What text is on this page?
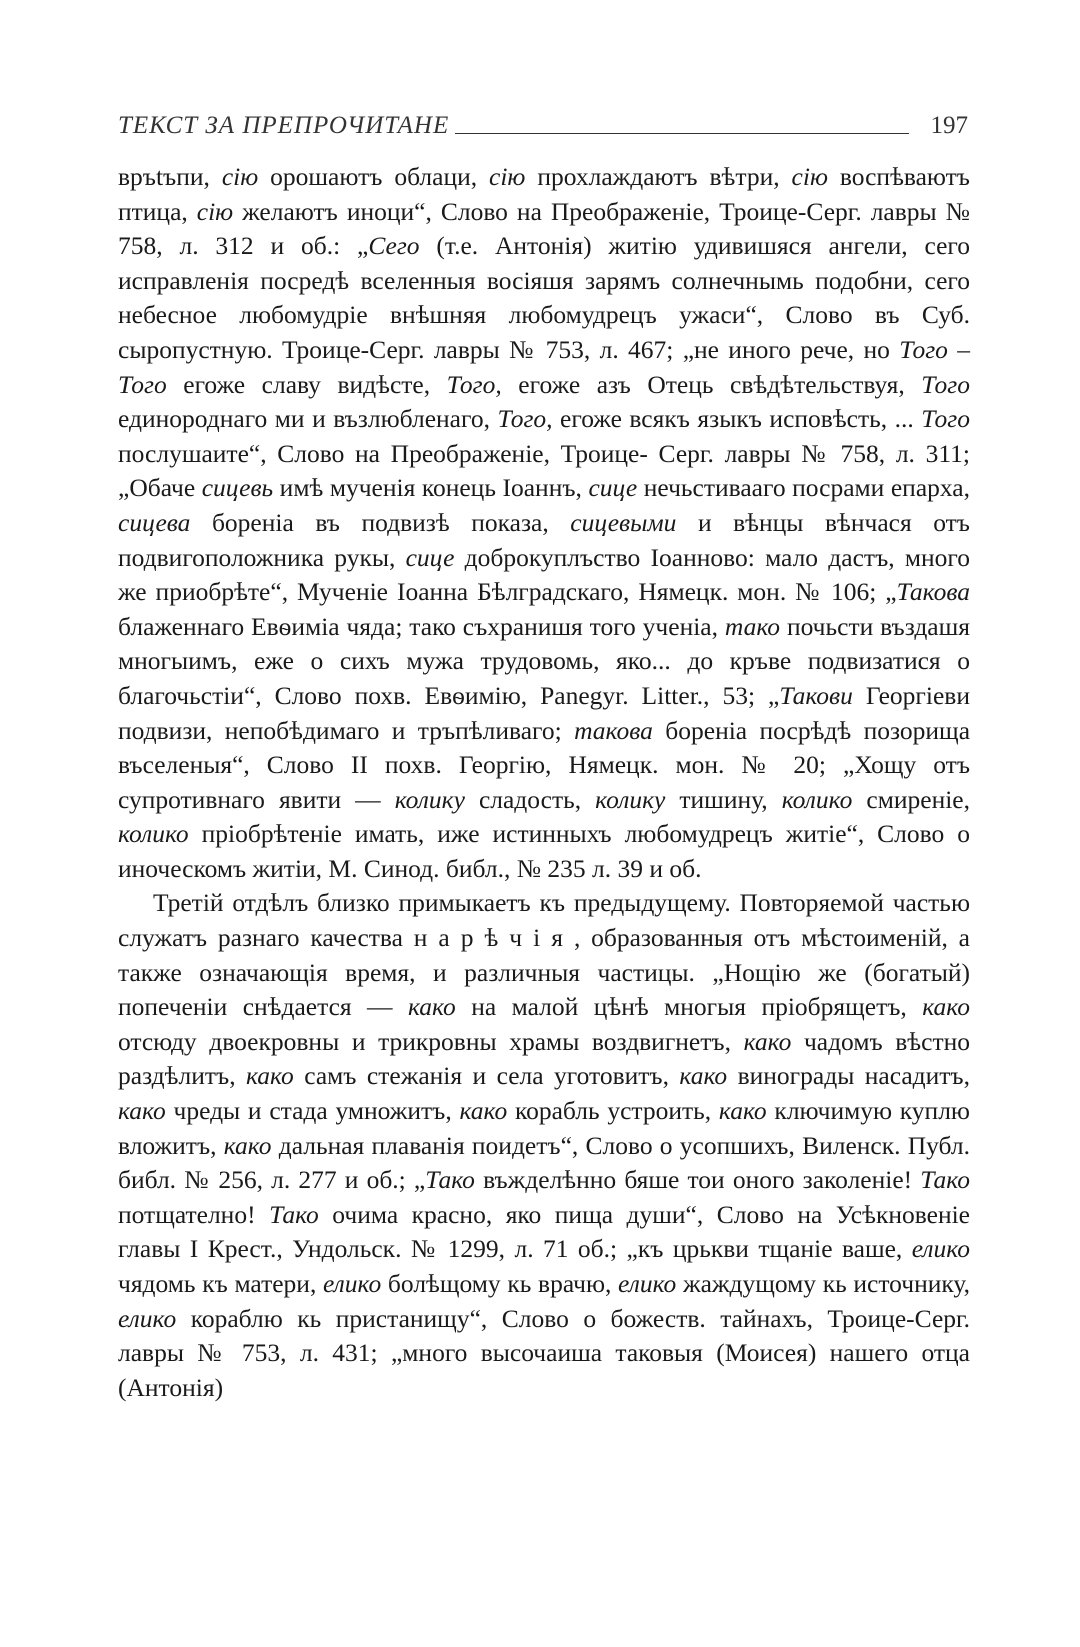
ТЕКСТ ЗА ПРЕПРОЧИТАНЕ	197

връtъпи, сію орошаютъ облаци, сію прохлаждаютъ вѣтри, сію воспѣваютъ птица, сію желаютъ иноци“, Слово на Преображеніе, Троице-Серг. лавры № 758, л. 312 и об.: „Сего (т.е. Антонія) житію удивишяся ангели, сего исправленія посредѣ вселенныя восіяшя зарямъ солнечнымь подобни, сего небесное любомудріе внѣшняя любомудрецъ ужаси“, Слово въ Суб. сыропустную. Троице-Серг. лавры № 753, л. 467; „не иного рече, но Того – Того егоже славу видѣсте, Того, егоже азъ Отець свѣдѣтельствуя, Того единороднаго ми и възлюбленаго, Того, егоже всякъ языкъ исповѣсть, ... Того послушаите“, Слово на Преображеніе, Троице- Серг. лавры № 758, л. 311; „Обаче сицевь имѣ мученія конець Іоаннъ, сице нечьстиваaго посрами епарха, сицева боренiа въ подвизѣ показа, сицевыми и вѣнцы вѣнчася отъ подвигоположника рукы, сице доброкуплъство Іоанново: мало дастъ, много же приобрѣте“, Мученіе Іоанна Бѣлградскаго, Нямецк. мон. № 106; „Такова блаженнаго Евѳиміа чяда; тако съхранишя того ученіа, тако почьсти въздашя многыимъ, еже о сихъ мужа трудовомь, яко... до кръве подвизатися о благочьстіи“, Слово похв. Евѳимію, Panegyr. Litter., 53; „Такови Георгіеви подвизи, непобѣдимаго и тръпѣливаго; такова боренiа посрѣдѣ позорища въселеныя“, Слово II похв. Георгію, Нямецк. мон. № 20; „Хощу отъ супротивнаго явити — колику сладость, колику тишину, колико смиреніе, колико пріобрѣтеніе имать, иже истинныхъ любомудрецъ житіе“, Слово о иноческомъ житіи, М. Синод. библ., № 235 л. 39 и об.

Третій отдѣлъ близко примыкаетъ къ предыдущему. Повторяемой частью служатъ разнаго качества нарѣчія, образованныя отъ мѣстоименій, а также означающія время, и различныя частицы. „Нощію же (богатый) попеченiи снѣдается — како на малой цѣнѣ многыя пріобрящетъ, како отсюду двоекровны и трикровны храмы воздвигнетъ, како чадомъ вѣстно раздѣлитъ, како самъ стежанія и села уготовитъ, како винограды насадитъ, како чреды и стада умножитъ, како корабль устроить, како ключимую куплю вложитъ, како дальная плаванія поидетъ“, Слово о усопшихъ, Виленск. Публ. библ. № 256, л. 277 и об.; „Тако въжделѣнно бяше тои оного заколеніе! Тако потщателно! Тако очима красно, яко пища души“, Слово на Усѣкновеніе главы І Крест., Ундольск. № 1299, л. 71 об.; „къ црькви тщаніе ваше, елико чядомь къ матери, елико болѣщому кь врачю, елико жаждущому кь источнику, елико кораблю кь пристанищу“, Слово о божеств. тайнахъ, Троице-Серг. лавры № 753, л. 431; „много высочаиша таковыя (Моисея) нашего отца (Антонія)
